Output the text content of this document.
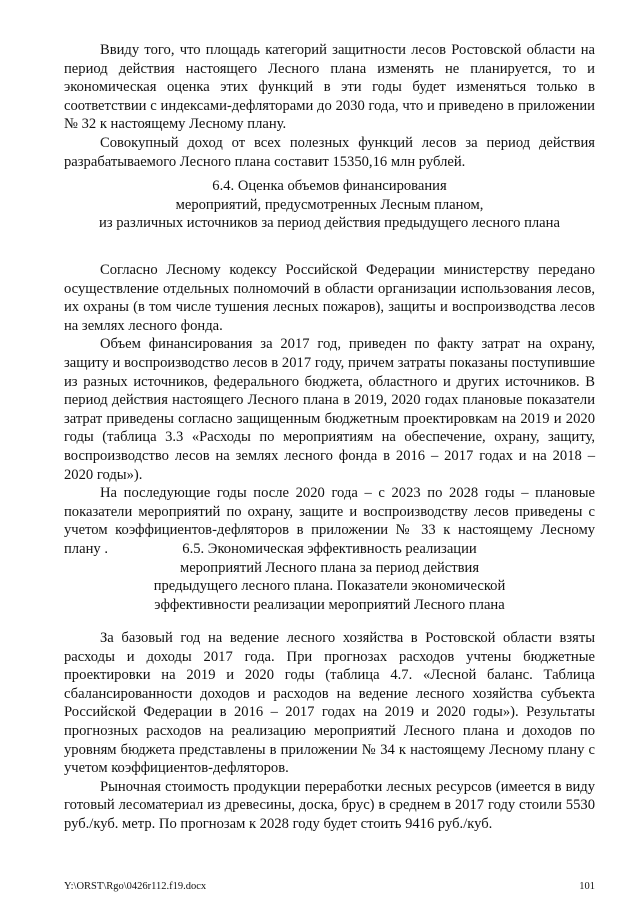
Ввиду того, что площадь категорий защитности лесов Ростовской области на период действия настоящего Лесного плана изменять не планируется, то и экономическая оценка этих функций в эти годы будет изменяться только в соответствии с индексами-дефляторами до 2030 года, что и приведено в приложении № 32 к настоящему Лесному плану.

Совокупный доход от всех полезных функций лесов за период действия разрабатываемого Лесного плана составит 15350,16 млн рублей.

6.4. Оценка объемов финансирования
мероприятий, предусмотренных Лесным планом,
из различных источников за период действия предыдущего лесного плана

Согласно Лесному кодексу Российской Федерации министерству передано осуществление отдельных полномочий в области организации использования лесов, их охраны (в том числе тушения лесных пожаров), защиты и воспроизводства лесов на землях лесного фонда.

Объем финансирования за 2017 год, приведен по факту затрат на охрану, защиту и воспроизводство лесов в 2017 году, причем затраты показаны поступившие из разных источников, федерального бюджета, областного и других источников. В период действия настоящего Лесного плана в 2019, 2020 годах плановые показатели затрат приведены согласно защищенным бюджетным проектировкам на 2019 и 2020 годы (таблица 3.3 «Расходы по мероприятиям на обеспечение, охрану, защиту, воспроизводство лесов на землях лесного фонда в 2016 – 2017 годах и на 2018 – 2020 годы»).

На последующие годы после 2020 года – с 2023 по 2028 годы – плановые показатели мероприятий по охрану, защите и воспроизводству лесов приведены с учетом коэффициентов-дефляторов в приложении № 33 к настоящему Лесному плану .	6.5. Экономическая эффективность реализации
мероприятий Лесного плана за период действия
предыдущего лесного плана. Показатели экономической
эффективности реализации мероприятий Лесного плана

За базовый год на ведение лесного хозяйства в Ростовской области взяты расходы и доходы 2017 года. При прогнозах расходов учтены бюджетные проектировки на 2019 и 2020 годы (таблица 4.7. «Лесной баланс. Таблица сбалансированности доходов и расходов на ведение лесного хозяйства субъекта Российской Федерации в 2016 – 2017 годах на 2019 и 2020 годы»). Результаты прогнозных расходов на реализацию мероприятий Лесного плана и доходов по уровням бюджета представлены в приложении № 34 к настоящему Лесному плану с учетом коэффициентов-дефляторов.

Рыночная стоимость продукции переработки лесных ресурсов (имеется в виду готовый лесоматериал из древесины, доска, брус) в среднем в 2017 году стоили 5530 руб./куб. метр. По прогнозам к 2028 году будет стоить 9416 руб./куб.

Y:\ORST\Rgo\0426r112.f19.docx	101
